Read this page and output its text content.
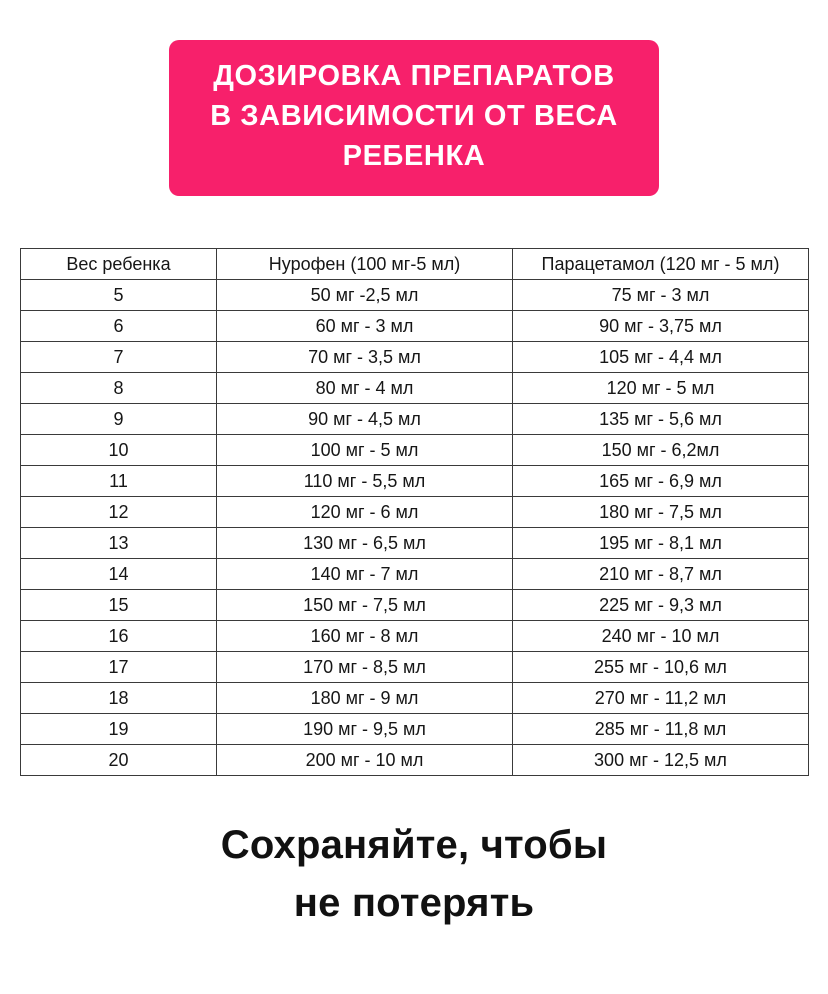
ДОЗИРОВКА ПРЕПАРАТОВ
В ЗАВИСИМОСТИ ОТ ВЕСА
РЕБЕНКА
Вес ребенка	Нурофен (100 мг-5 мл)	Парацетамол (120 мг - 5 мл)
5	50 мг -2,5 мл	75 мг - 3 мл
6	60 мг - 3 мл	90 мг - 3,75 мл
7	70 мг - 3,5 мл	105 мг - 4,4 мл
8	80 мг - 4 мл	120 мг - 5 мл
9	90 мг - 4,5 мл	135 мг - 5,6 мл
10	100 мг - 5 мл	150 мг - 6,2мл
11	110 мг - 5,5 мл	165 мг - 6,9 мл
12	120 мг - 6 мл	180 мг - 7,5 мл
13	130 мг - 6,5 мл	195 мг - 8,1 мл
14	140 мг - 7 мл	210 мг - 8,7 мл
15	150 мг - 7,5 мл	225 мг - 9,3 мл
16	160 мг - 8 мл	240 мг - 10 мл
17	170 мг - 8,5 мл	255 мг - 10,6 мл
18	180 мг - 9 мл	270 мг - 11,2 мл
19	190 мг - 9,5 мл	285 мг - 11,8 мл
20	200 мг - 10 мл	300 мг - 12,5 мл
Сохраняйте, чтобы
не потерять
